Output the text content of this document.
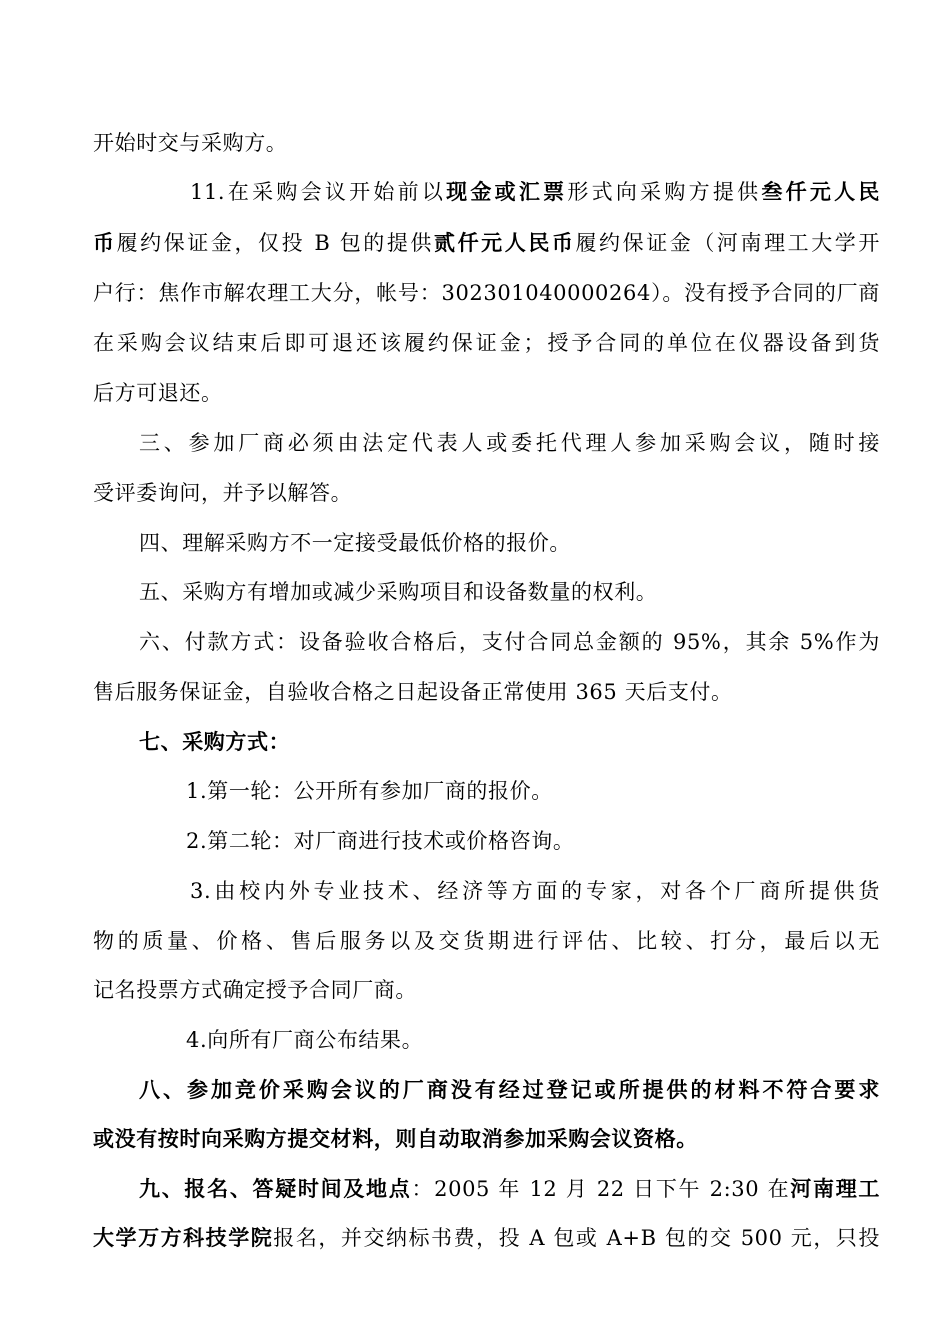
开始时交与采购方。
11.在采购会议开始前以现金或汇票形式向采购方提供叁仟元人民
币履约保证金，仅投 B 包的提供贰仟元人民币履约保证金（河南理工大学开
户行：焦作市解农理工大分，帐号：302301040000264）。没有授予合同的厂商
在采购会议结束后即可退还该履约保证金；授予合同的单位在仪器设备到货
后方可退还。
三、参加厂商必须由法定代表人或委托代理人参加采购会议，随时接
受评委询问，并予以解答。
四、理解采购方不一定接受最低价格的报价。
五、采购方有增加或减少采购项目和设备数量的权利。
六、付款方式：设备验收合格后，支付合同总金额的 95%，其余 5%作为
售后服务保证金，自验收合格之日起设备正常使用 365 天后支付。
七、采购方式：
1.第一轮：公开所有参加厂商的报价。
2.第二轮：对厂商进行技术或价格咨询。
3.由校内外专业技术、经济等方面的专家，对各个厂商所提供货
物的质量、价格、售后服务以及交货期进行评估、比较、打分，最后以无
记名投票方式确定授予合同厂商。
4.向所有厂商公布结果。
八、参加竞价采购会议的厂商没有经过登记或所提供的材料不符合要求
或没有按时向采购方提交材料，则自动取消参加采购会议资格。
九、报名、答疑时间及地点：2005 年 12 月 22 日下午 2:30 在河南理工
大学万方科技学院报名，并交纳标书费，投 A 包或 A+B 包的交 500 元，只投
